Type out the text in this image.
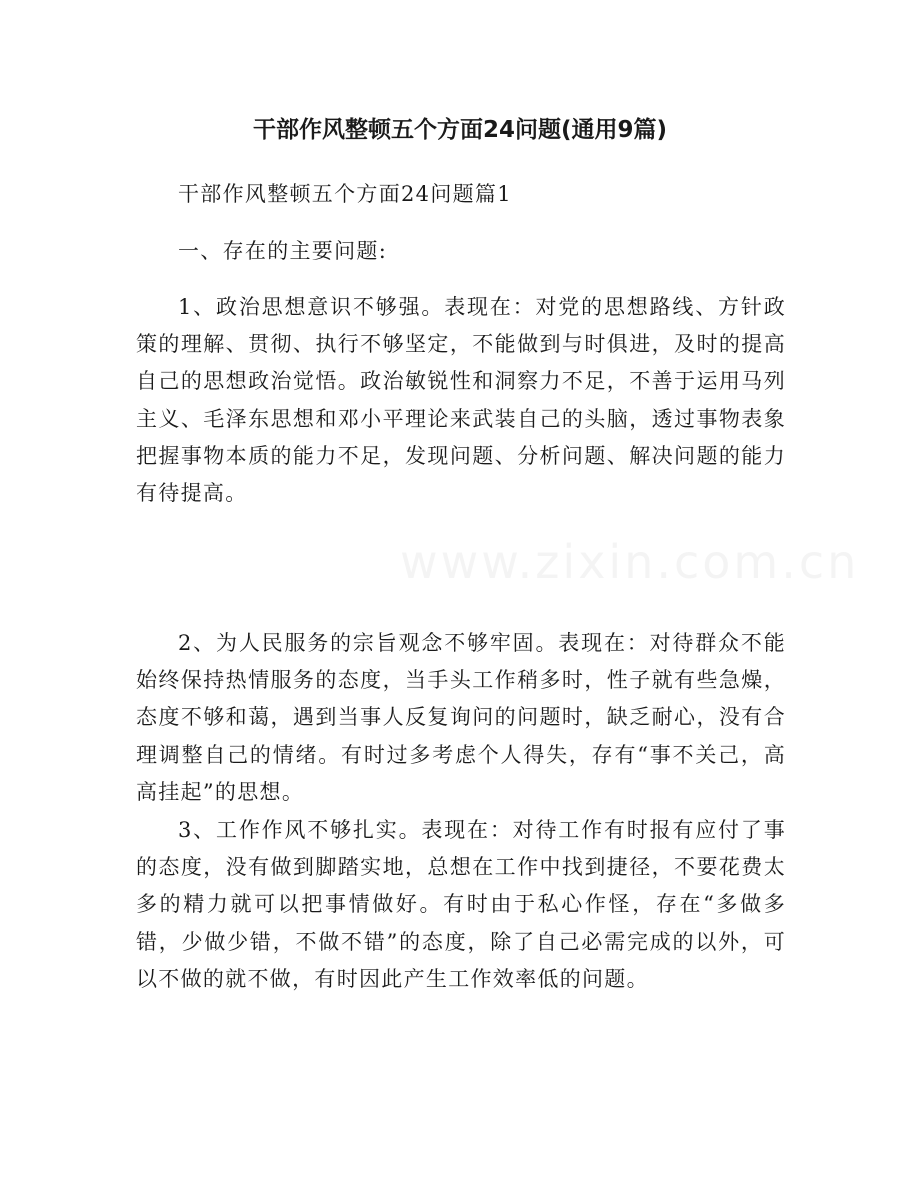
干部作风整顿五个方面24问题(通用9篇)

干部作风整顿五个方面24问题篇1

一、存在的主要问题:

1、政治思想意识不够强。表现在：对党的思想路线、方针政策的理解、贯彻、执行不够坚定，不能做到与时俱进，及时的提高自己的思想政治觉悟。政治敏锐性和洞察力不足，不善于运用马列主义、毛泽东思想和邓小平理论来武装自己的头脑，透过事物表象把握事物本质的能力不足，发现问题、分析问题、解决问题的能力有待提高。

2、为人民服务的宗旨观念不够牢固。表现在：对待群众不能始终保持热情服务的态度，当手头工作稍多时，性子就有些急燥，态度不够和蔼，遇到当事人反复询问的问题时，缺乏耐心，没有合理调整自己的情绪。有时过多考虑个人得失，存有“事不关己，高高挂起”的思想。

3、工作作风不够扎实。表现在：对待工作有时报有应付了事的态度，没有做到脚踏实地，总想在工作中找到捷径，不要花费太多的精力就可以把事情做好。有时由于私心作怪，存在“多做多错，少做少错，不做不错”的态度，除了自己必需完成的以外，可以不做的就不做，有时因此产生工作效率低的问题。

www.zixin.com.cn
